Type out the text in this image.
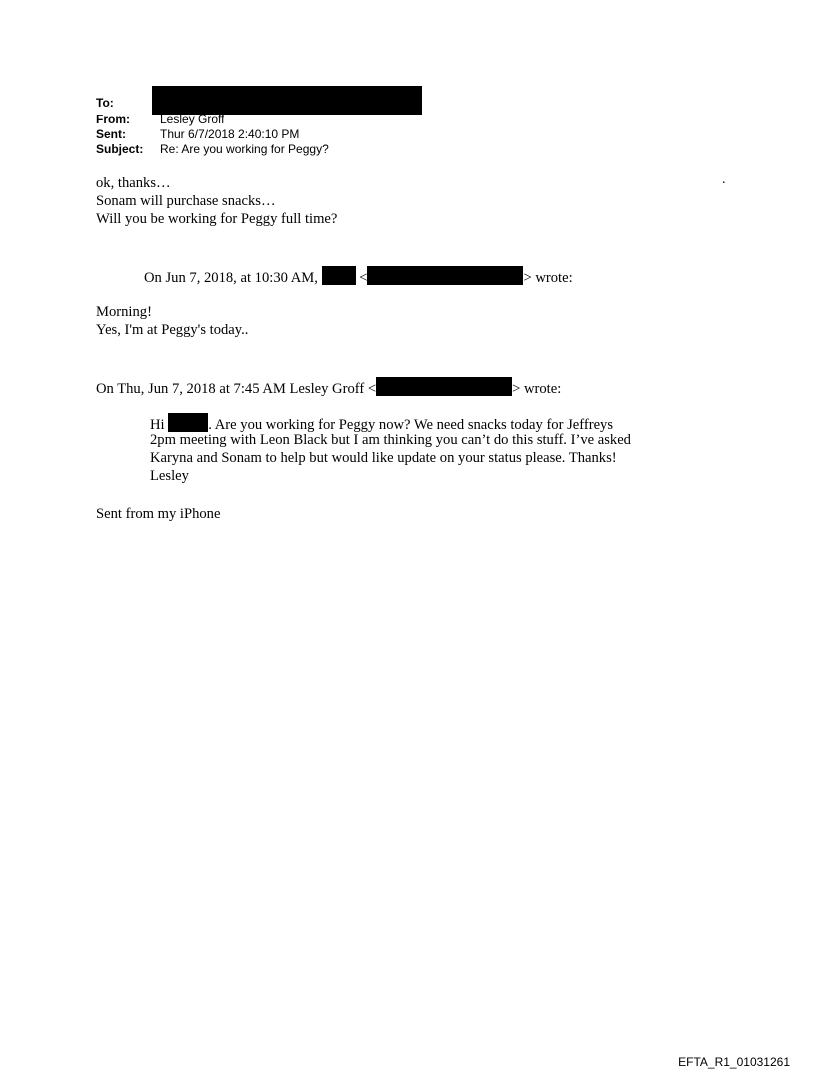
To:
From:	Lesley Groff
Sent:	Thur 6/7/2018 2:40:10 PM
Subject: Re: Are you working for Peggy?
ok, thanks…
Sonam will purchase snacks…
Will you be working for Peggy full time?
.
On Jun 7, 2018, at 10:30 AM,	<	> wrote:
Morning!
Yes, I'm at Peggy's today..
On Thu, Jun 7, 2018 at 7:45 AM Lesley Groff <	> wrote:
Hi	. Are you working for Peggy now? We need snacks today for Jeffreys
2pm meeting with Leon Black but I am thinking you can’t do this stuff. I’ve asked
Karyna and Sonam to help but would like update on your status please. Thanks!
Lesley
Sent from my iPhone
EFTA_R1_01031261
